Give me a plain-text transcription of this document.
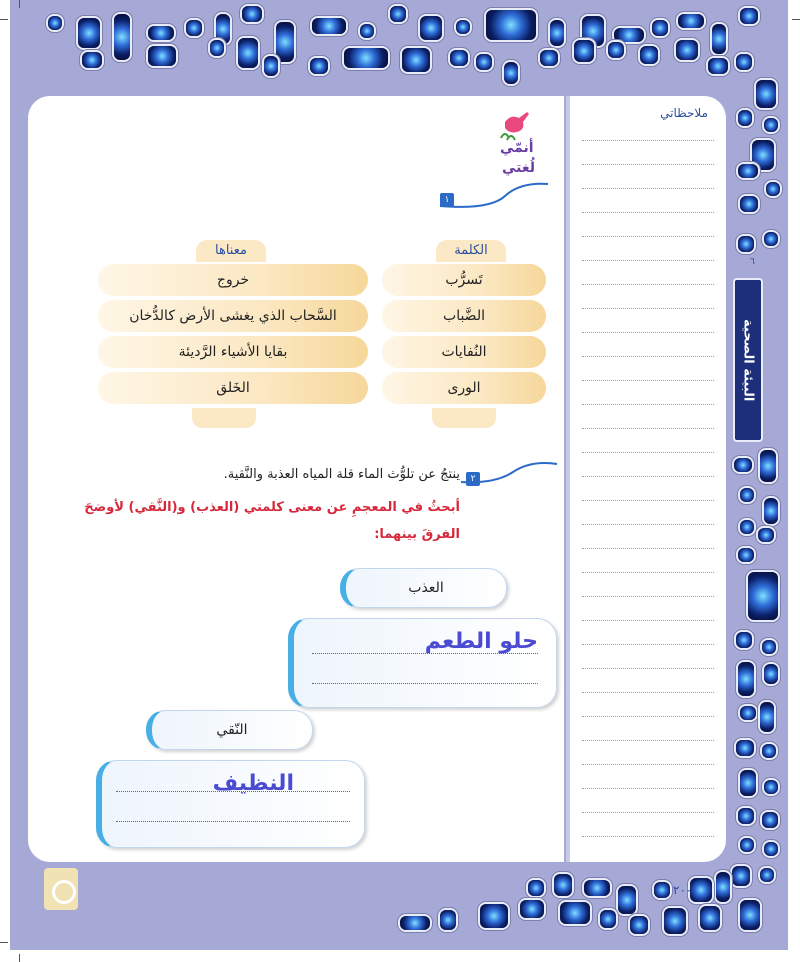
٦
البيئة الصحية
ملاحظاتي
أنمّي
لُغتي
١
الكلمة
معناها
تَسرُّب
خروج
الضَّباب
السَّحاب الذي يغشى الأرض كالدُّخان
النُفايات
بقايا الأشياء الرَّديئة
الورى
الخَلق
٢
ينتجُ عن تلوُّث الماء قلة المياه العذبة والنَّقية.
أبحثُ في المعجمِ عن معنى كلمتي (العذب) و(النَّقي) لأوضحَ
الفرقَ بينهما:
العذب
حلو الطعم
النّقي
النظيف
٢٠٠
